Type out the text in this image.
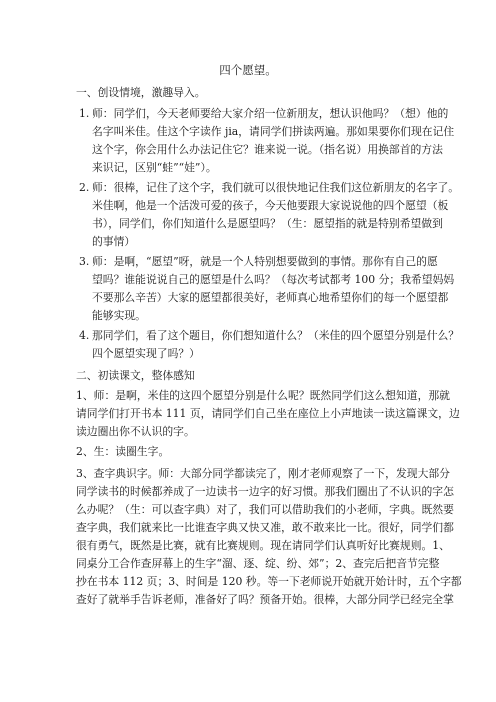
四个愿望。
一、创设情境，激趣导入。
1. 师：同学们，今天老师要给大家介绍一位新朋友，想认识他吗？（想）他的
名字叫米佳。佳这个字读作 jia，请同学们拼读两遍。那如果要你们现在记住
这个字，你会用什么办法记住它？谁来说一说。（指名说）用换部首的方法
来识记，区别“蛙”“娃”）。
2. 师：很棒，记住了这个字，我们就可以很快地记住我们这位新朋友的名字了。
米佳啊，他是一个活泼可爱的孩子，今天他要跟大家说说他的四个愿望（板
书），同学们，你们知道什么是愿望吗？（生：愿望指的就是特别希望做到
的事情）
3. 师：是啊，“愿望”呀，就是一个人特别想要做到的事情。那你有自己的愿
望吗？谁能说说自己的愿望是什么吗？（每次考试都考 100 分；我希望妈妈
不要那么辛苦）大家的愿望都很美好，老师真心地希望你们的每一个愿望都
能够实现。
4. 那同学们，看了这个题目，你们想知道什么？（米佳的四个愿望分别是什么？
四个愿望实现了吗？）
二、初读课文，整体感知
1、师：是啊，米佳的这四个愿望分别是什么呢？既然同学们这么想知道，那就
请同学们打开书本 111 页，请同学们自己坐在座位上小声地读一读这篇课文，边
读边圈出你不认识的字。
2、生：读圈生字。
3、查字典识字。师：大部分同学都读完了，刚才老师观察了一下，发现大部分
同学读书的时候都养成了一边读书一边字的好习惯。那我们圈出了不认识的字怎
么办呢？（生：可以查字典）对了，我们可以借助我们的小老师，字典。既然要
查字典，我们就来比一比谁查字典又快又准，敢不敢来比一比。很好，同学们都
很有勇气，既然是比赛，就有比赛规则。现在请同学们认真听好比赛规则。1、
同桌分工合作查屏幕上的生字“溜、逐、绽、纷、郊”；2、查完后把音节完整
抄在书本 112 页；3、时间是 120 秒。等一下老师说开始就开始计时，五个字都
查好了就举手告诉老师，准备好了吗？预备开始。很棒，大部分同学已经完全掌
